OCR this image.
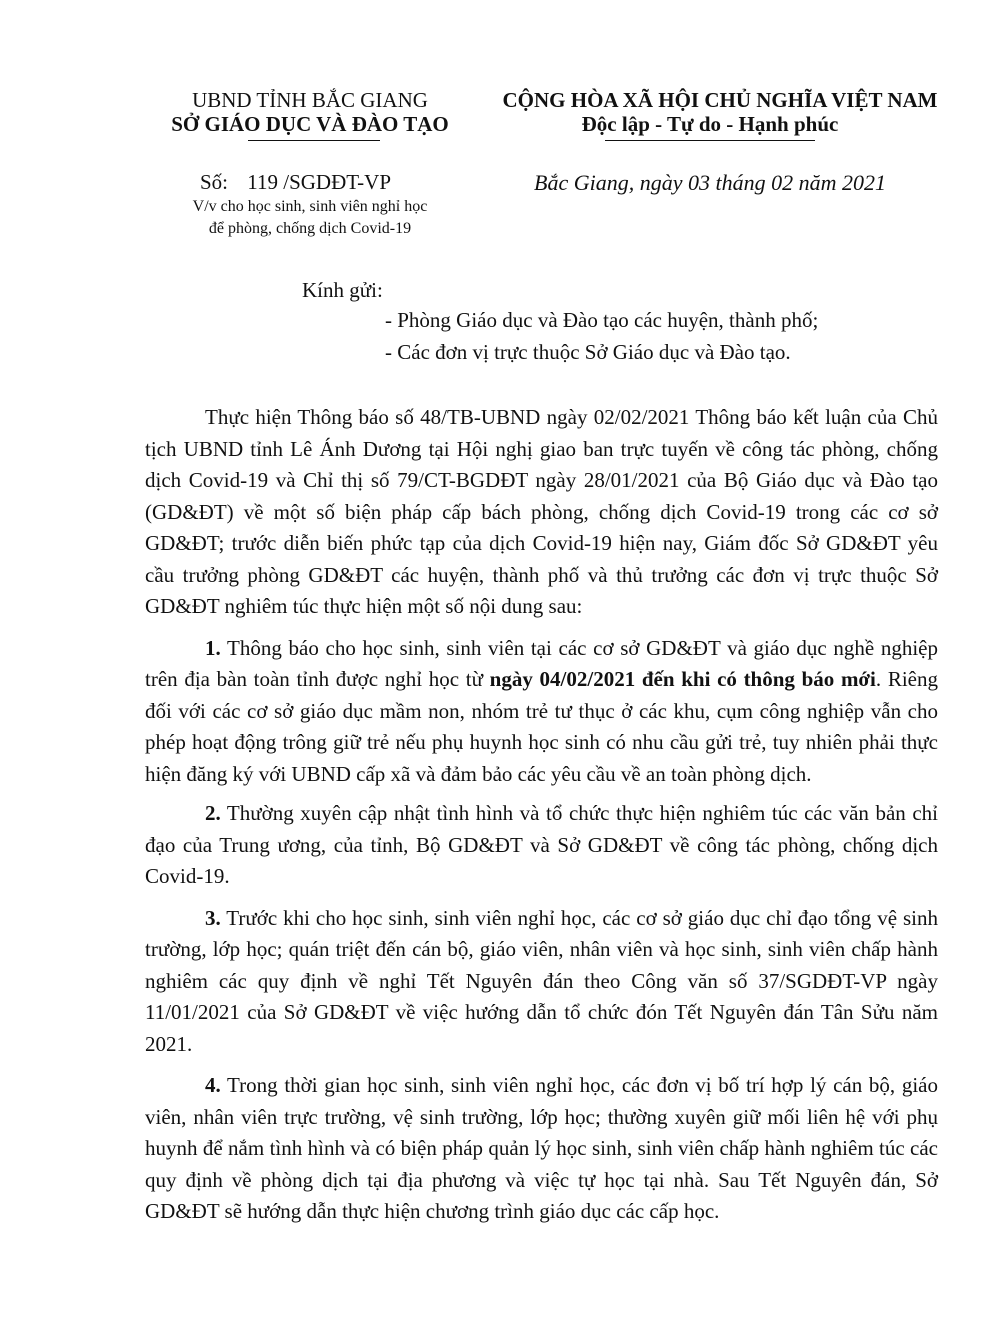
UBND TỈNH BẮC GIANG
SỞ GIÁO DỤC VÀ ĐÀO TẠO
CỘNG HÒA XÃ HỘI CHỦ NGHĨA VIỆT NAM
Độc lập - Tự do - Hạnh phúc
Số: 119 /SGDĐT-VP
V/v cho học sinh, sinh viên nghỉ học
để phòng, chống dịch Covid-19
Bắc Giang, ngày 03 tháng 02 năm 2021
Kính gửi:
- Phòng Giáo dục và Đào tạo các huyện, thành phố;
- Các đơn vị trực thuộc Sở Giáo dục và Đào tạo.

Thực hiện Thông báo số 48/TB-UBND ngày 02/02/2021 Thông báo kết luận của Chủ tịch UBND tỉnh Lê Ánh Dương tại Hội nghị giao ban trực tuyến về công tác phòng, chống dịch Covid-19 và Chỉ thị số 79/CT-BGDĐT ngày 28/01/2021 của Bộ Giáo dục và Đào tạo (GD&ĐT) về một số biện pháp cấp bách phòng, chống dịch Covid-19 trong các cơ sở GD&ĐT; trước diễn biến phức tạp của dịch Covid-19 hiện nay, Giám đốc Sở GD&ĐT yêu cầu trưởng phòng GD&ĐT các huyện, thành phố và thủ trưởng các đơn vị trực thuộc Sở GD&ĐT nghiêm túc thực hiện một số nội dung sau:

1. Thông báo cho học sinh, sinh viên tại các cơ sở GD&ĐT và giáo dục nghề nghiệp trên địa bàn toàn tỉnh được nghỉ học từ ngày 04/02/2021 đến khi có thông báo mới. Riêng đối với các cơ sở giáo dục mầm non, nhóm trẻ tư thục ở các khu, cụm công nghiệp vẫn cho phép hoạt động trông giữ trẻ nếu phụ huynh học sinh có nhu cầu gửi trẻ, tuy nhiên phải thực hiện đăng ký với UBND cấp xã và đảm bảo các yêu cầu về an toàn phòng dịch.

2. Thường xuyên cập nhật tình hình và tổ chức thực hiện nghiêm túc các văn bản chỉ đạo của Trung ương, của tỉnh, Bộ GD&ĐT và Sở GD&ĐT về công tác phòng, chống dịch Covid-19.

3. Trước khi cho học sinh, sinh viên nghỉ học, các cơ sở giáo dục chỉ đạo tổng vệ sinh trường, lớp học; quán triệt đến cán bộ, giáo viên, nhân viên và học sinh, sinh viên chấp hành nghiêm các quy định về nghỉ Tết Nguyên đán theo Công văn số 37/SGDĐT-VP ngày 11/01/2021 của Sở GD&ĐT về việc hướng dẫn tổ chức đón Tết Nguyên đán Tân Sửu năm 2021.

4. Trong thời gian học sinh, sinh viên nghỉ học, các đơn vị bố trí hợp lý cán bộ, giáo viên, nhân viên trực trường, vệ sinh trường, lớp học; thường xuyên giữ mối liên hệ với phụ huynh để nắm tình hình và có biện pháp quản lý học sinh, sinh viên chấp hành nghiêm túc các quy định về phòng dịch tại địa phương và việc tự học tại nhà. Sau Tết Nguyên đán, Sở GD&ĐT sẽ hướng dẫn thực hiện chương trình giáo dục các cấp học.
